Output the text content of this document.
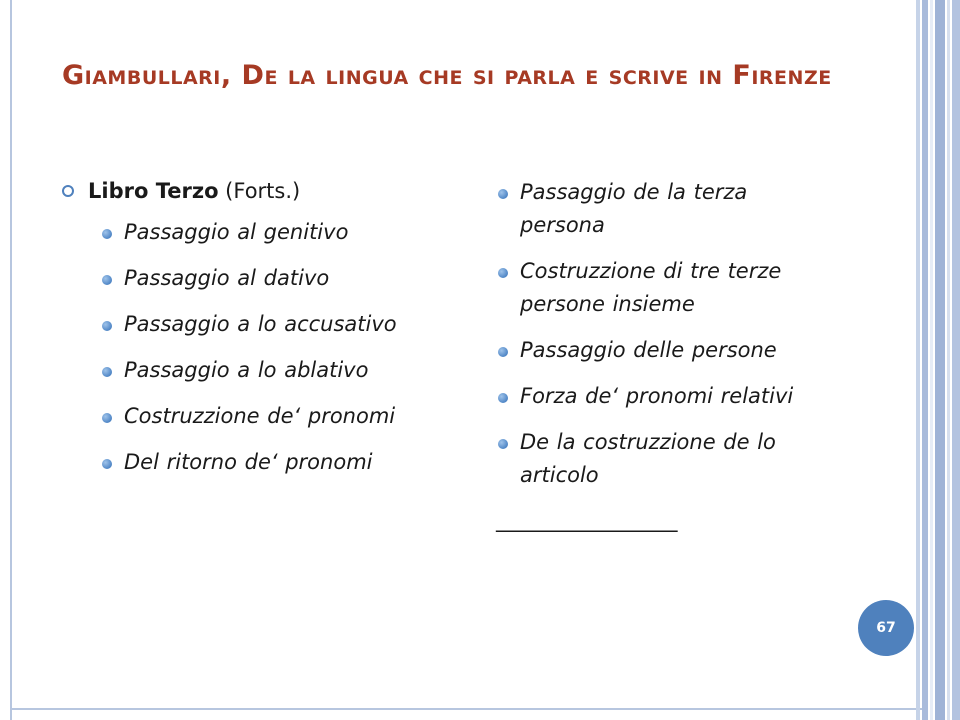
Giambullari, De la lingua che si parla e scrive in Firenze
Libro Terzo (Forts.)
Passaggio al genitivo
Passaggio al dativo
Passaggio a lo accusativo
Passaggio a lo ablativo
Costruzzione de‘ pronomi
Del ritorno de‘ pronomi
Passaggio de la terza persona
Costruzzione di tre terze persone insieme
Passaggio delle persone
Forza de‘ pronomi relativi
De la costruzzione de lo articolo
___________________
67
